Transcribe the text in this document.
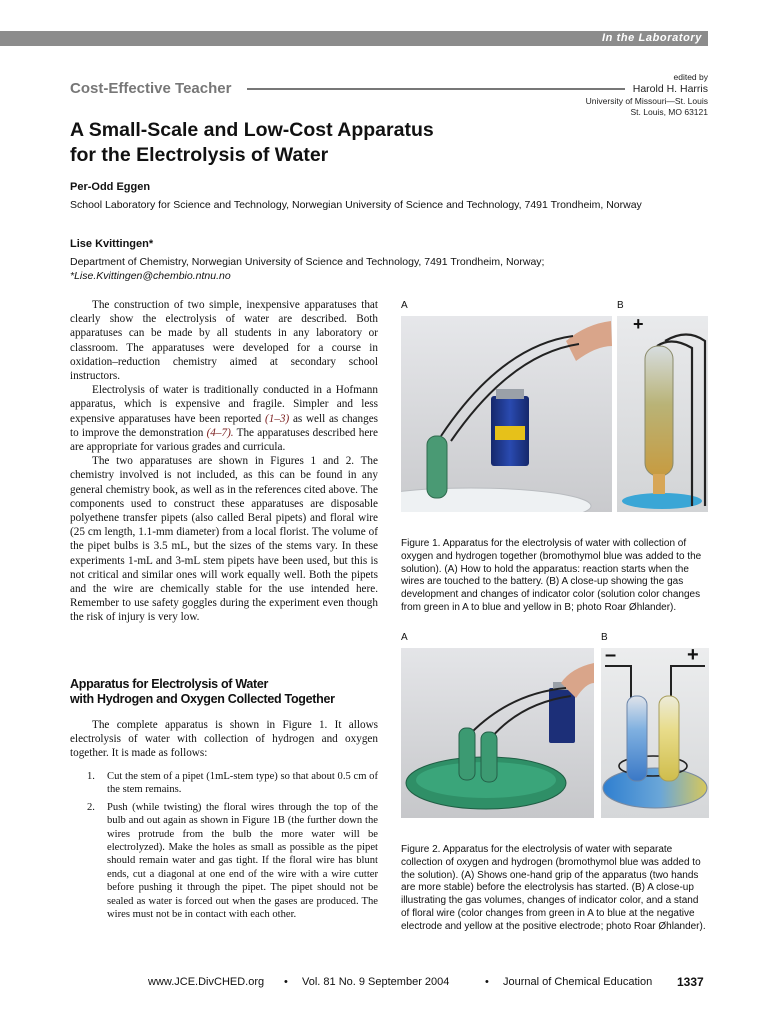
In the Laboratory
Cost-Effective Teacher
edited by
Harold H. Harris
University of Missouri—St. Louis
St. Louis, MO 63121
A Small-Scale and Low-Cost Apparatus
for the Electrolysis of Water
Per-Odd Eggen
School Laboratory for Science and Technology, Norwegian University of Science and Technology, 7491 Trondheim, Norway
Lise Kvittingen*
Department of Chemistry, Norwegian University of Science and Technology, 7491 Trondheim, Norway;
*Lise.Kvittingen@chembio.ntnu.no

The construction of two simple, inexpensive apparatuses that clearly show the electrolysis of water are described. Both apparatuses can be made by all students in any laboratory or classroom. The apparatuses were developed for a course in oxidation–reduction chemistry aimed at secondary school instructors.

Electrolysis of water is traditionally conducted in a Hofmann apparatus, which is expensive and fragile. Simpler and less expensive apparatuses have been reported (1–3) as well as changes to improve the demonstration (4–7). The apparatuses described here are appropriate for various grades and curricula.

The two apparatuses are shown in Figures 1 and 2. The chemistry involved is not included, as this can be found in any general chemistry book, as well as in the references cited above. The components used to construct these apparatuses are disposable polyethene transfer pipets (also called Beral pipets) and floral wire (25 cm length, 1.1-mm diameter) from a local florist. The volume of the pipet bulbs is 3.5 mL, but the sizes of the stems vary. In these experiments 1-mL and 3-mL stem pipets have been used, but this is not critical and similar ones will work equally well. Both the pipets and the wire are chemically stable for the use intended here. Remember to use safety goggles during the experiment even though the risk of injury is very low.

Apparatus for Electrolysis of Water
with Hydrogen and Oxygen Collected Together

The complete apparatus is shown in Figure 1. It allows electrolysis of water with collection of hydrogen and oxygen together. It is made as follows:

1. Cut the stem of a pipet (1mL-stem type) so that about 0.5 cm of the stem remains.
2. Push (while twisting) the floral wires through the top of the bulb and out again as shown in Figure 1B (the further down the wires protrude from the bulb the more water will be electrolyzed). Make the holes as small as possible as the pipet should remain water and gas tight. If the floral wire has blunt ends, cut a diagonal at one end of the wire with a wire cutter before pushing it through the pipet. The pipet should not be sealed as water is forced out when the gases are produced. The wires must not be in contact with each other.
A	B
+
Figure 1. Apparatus for the electrolysis of water with collection of oxygen and hydrogen together (bromothymol blue was added to the solution). (A) How to hold the apparatus: reaction starts when the wires are touched to the battery. (B) A close-up showing the gas development and changes of indicator color (solution color changes from green in A to blue and yellow in B; photo Roar Øhlander).
A	B
–	+
Figure 2. Apparatus for the electrolysis of water with separate collection of oxygen and hydrogen (bromothymol blue was added to the solution). (A) Shows one-hand grip of the apparatus (two hands are more stable) before the electrolysis has started. (B) A close-up illustrating the gas volumes, changes of indicator color, and a stand of floral wire (color changes from green in A to blue at the negative electrode and yellow at the positive electrode; photo Roar Øhlander).
www.JCE.DivCHED.org • Vol. 81 No. 9 September 2004	• Journal of Chemical Education 1337
